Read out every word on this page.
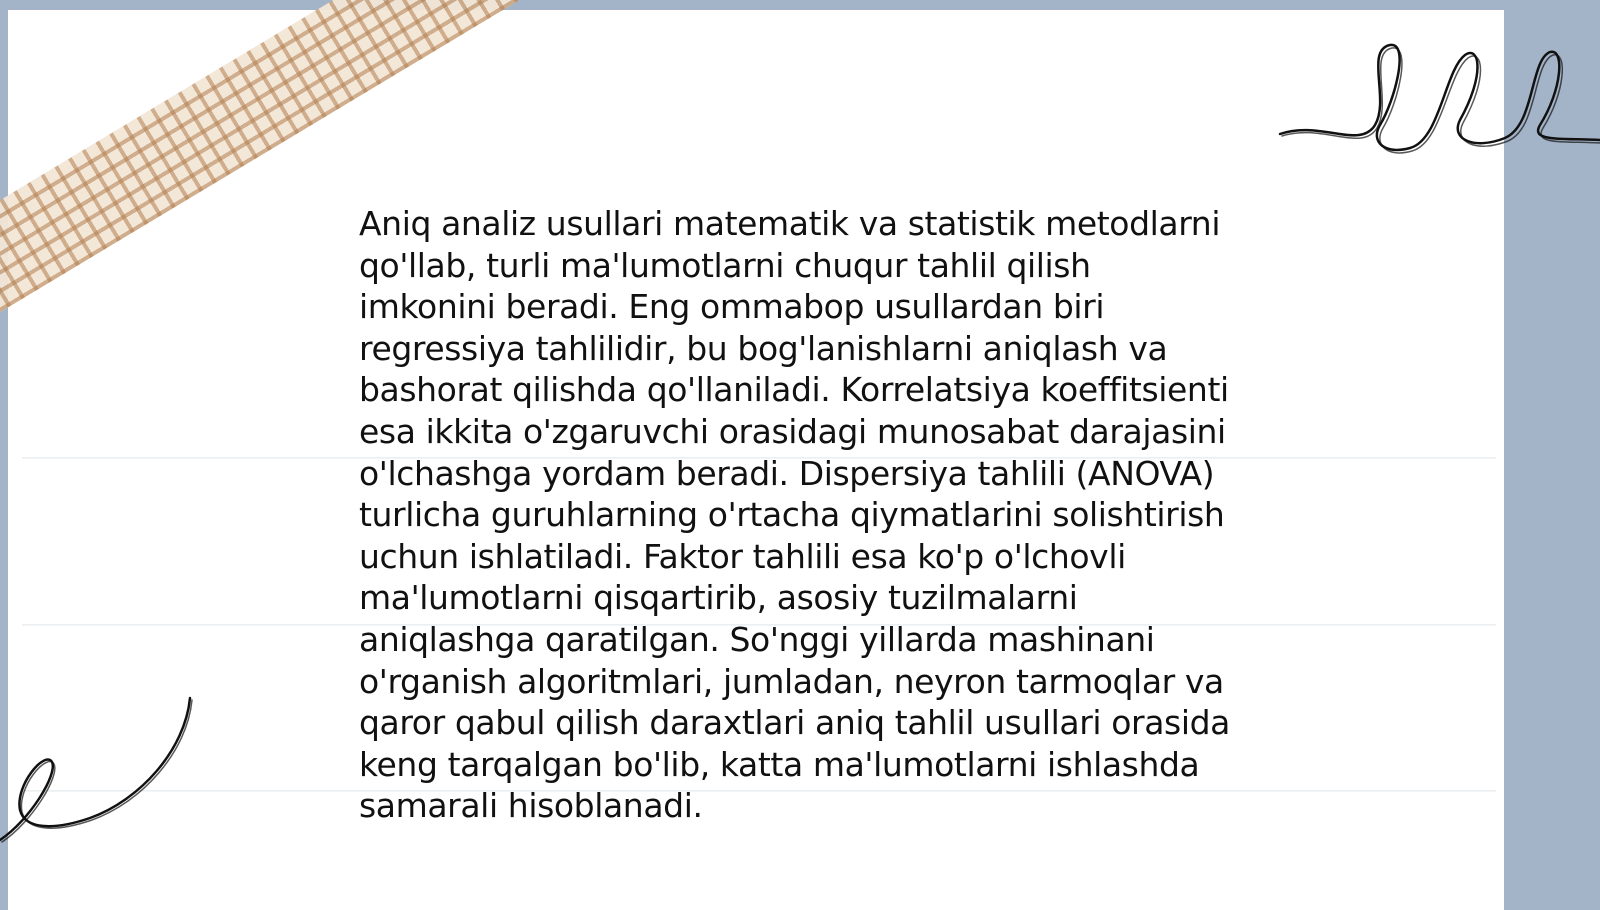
Aniq analiz usullari matematik va statistik metodlarni
qo'llab, turli ma'lumotlarni chuqur tahlil qilish
imkonini beradi. Eng ommabop usullardan biri
regressiya tahlilidir, bu bog'lanishlarni aniqlash va
bashorat qilishda qo'llaniladi. Korrelatsiya koeffitsienti
esa ikkita o'zgaruvchi orasidagi munosabat darajasini
o'lchashga yordam beradi. Dispersiya tahlili (ANOVA)
turlicha guruhlarning o'rtacha qiymatlarini solishtirish
uchun ishlatiladi. Faktor tahlili esa ko'p o'lchovli
ma'lumotlarni qisqartirib, asosiy tuzilmalarni
aniqlashga qaratilgan. So'nggi yillarda mashinani
o'rganish algoritmlari, jumladan, neyron tarmoqlar va
qaror qabul qilish daraxtlari aniq tahlil usullari orasida
keng tarqalgan bo'lib, katta ma'lumotlarni ishlashda
samarali hisoblanadi.
